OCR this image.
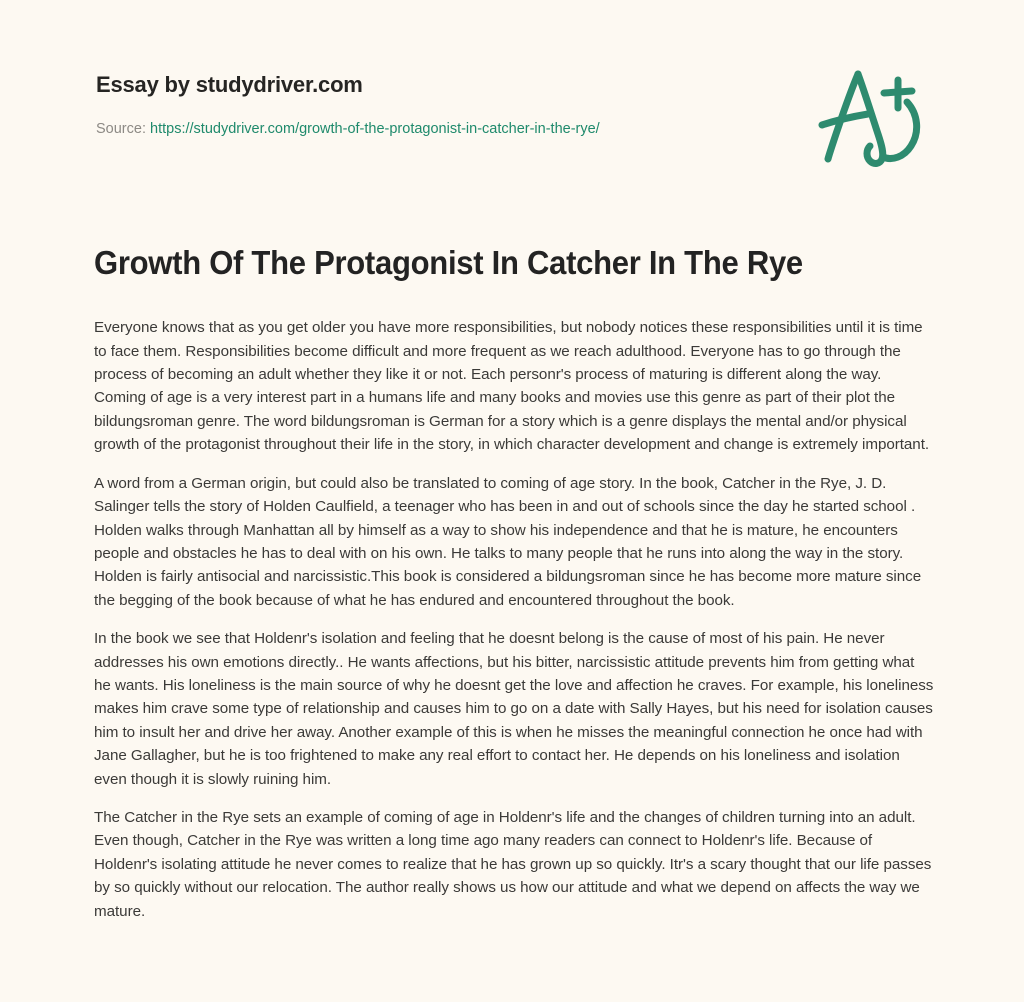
Essay by studydriver.com
Source: https://studydriver.com/growth-of-the-protagonist-in-catcher-in-the-rye/
Growth Of The Protagonist In Catcher In The Rye

Everyone knows that as you get older you have more responsibilities, but nobody notices these responsibilities until it is time to face them. Responsibilities become difficult and more frequent as we reach adulthood. Everyone has to go through the process of becoming an adult whether they like it or not. Each personr's process of maturing is different along the way. Coming of age is a very interest part in a humans life and many books and movies use this genre as part of their plot the bildungsroman genre. The word bildungsroman is German for a story which is a genre displays the mental and/or physical growth of the protagonist throughout their life in the story, in which character development and change is extremely important.

A word from a German origin, but could also be translated to coming of age story. In the book, Catcher in the Rye, J. D. Salinger tells the story of Holden Caulfield, a teenager who has been in and out of schools since the day he started school . Holden walks through Manhattan all by himself as a way to show his independence and that he is mature, he encounters people and obstacles he has to deal with on his own. He talks to many people that he runs into along the way in the story. Holden is fairly antisocial and narcissistic.This book is considered a bildungsroman since he has become more mature since the begging of the book because of what he has endured and encountered throughout the book.

In the book we see that Holdenr's isolation and feeling that he doesnt belong is the cause of most of his pain. He never addresses his own emotions directly.. He wants affections, but his bitter, narcissistic attitude prevents him from getting what he wants. His loneliness is the main source of why he doesnt get the love and affection he craves. For example, his loneliness makes him crave some type of relationship and causes him to go on a date with Sally Hayes, but his need for isolation causes him to insult her and drive her away. Another example of this is when he misses the meaningful connection he once had with Jane Gallagher, but he is too frightened to make any real effort to contact her. He depends on his loneliness and isolation even though it is slowly ruining him.

The Catcher in the Rye sets an example of coming of age in Holdenr's life and the changes of children turning into an adult. Even though, Catcher in the Rye was written a long time ago many readers can connect to Holdenr's life. Because of Holdenr's isolating attitude he never comes to realize that he has grown up so quickly. Itr's a scary thought that our life passes by so quickly without our relocation. The author really shows us how our attitude and what we depend on affects the way we mature.
